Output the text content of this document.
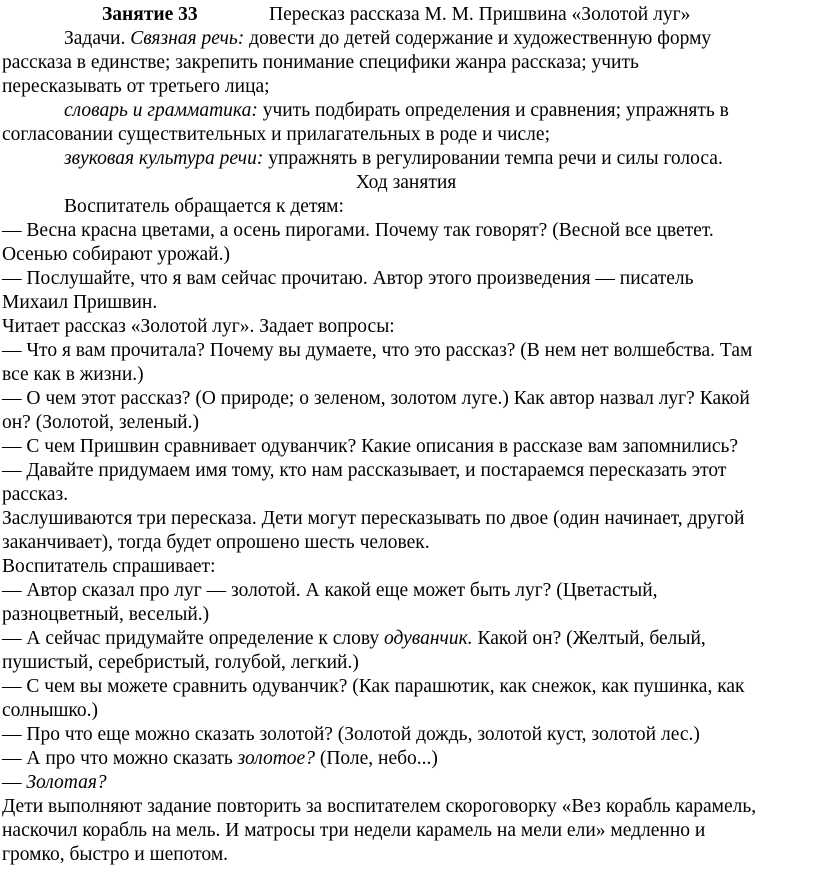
Занятие 33	Пересказ рассказа М. М. Пришвина «Золотой луг»
Задачи. Связная речь: довести до детей содержание и художественную форму
рассказа в единстве; закрепить понимание специфики жанра рассказа; учить
пересказывать от третьего лица;
словарь и грамматика: учить подбирать определения и сравнения; упражнять в
согласовании существительных и прилагательных в роде и числе;
звуковая культура речи: упражнять в регулировании темпа речи и силы голоса.
Ход занятия
Воспитатель обращается к детям:
— Весна красна цветами, а осень пирогами. Почему так говорят? (Весной все цветет.
Осенью собирают урожай.)
— Послушайте, что я вам сейчас прочитаю. Автор этого произведения — писатель
Михаил Пришвин.
Читает рассказ «Золотой луг». Задает вопросы:
— Что я вам прочитала? Почему вы думаете, что это рассказ? (В нем нет волшебства. Там
все как в жизни.)
— О чем этот рассказ? (О природе; о зеленом, золотом луге.) Как автор назвал луг? Какой
он? (Золотой, зеленый.)
— С чем Пришвин сравнивает одуванчик? Какие описания в рассказе вам запомнились?
— Давайте придумаем имя тому, кто нам рассказывает, и постараемся пересказать этот
рассказ.
Заслушиваются три пересказа. Дети могут пересказывать по двое (один начинает, другой
заканчивает), тогда будет опрошено шесть человек.
Воспитатель спрашивает:
— Автор сказал про луг — золотой. А какой еще может быть луг? (Цветастый,
разноцветный, веселый.)
— А сейчас придумайте определение к слову одуванчик. Какой он? (Желтый, белый,
пушистый, серебристый, голубой, легкий.)
— С чем вы можете сравнить одуванчик? (Как парашютик, как снежок, как пушинка, как
солнышко.)
— Про что еще можно сказать золотой? (Золотой дождь, золотой куст, золотой лес.)
— А про что можно сказать золотое? (Поле, небо...)
— Золотая?
Дети выполняют задание повторить за воспитателем скороговорку «Вез корабль карамель,
наскочил корабль на мель. И матросы три недели карамель на мели ели» медленно и
громко, быстро и шепотом.
